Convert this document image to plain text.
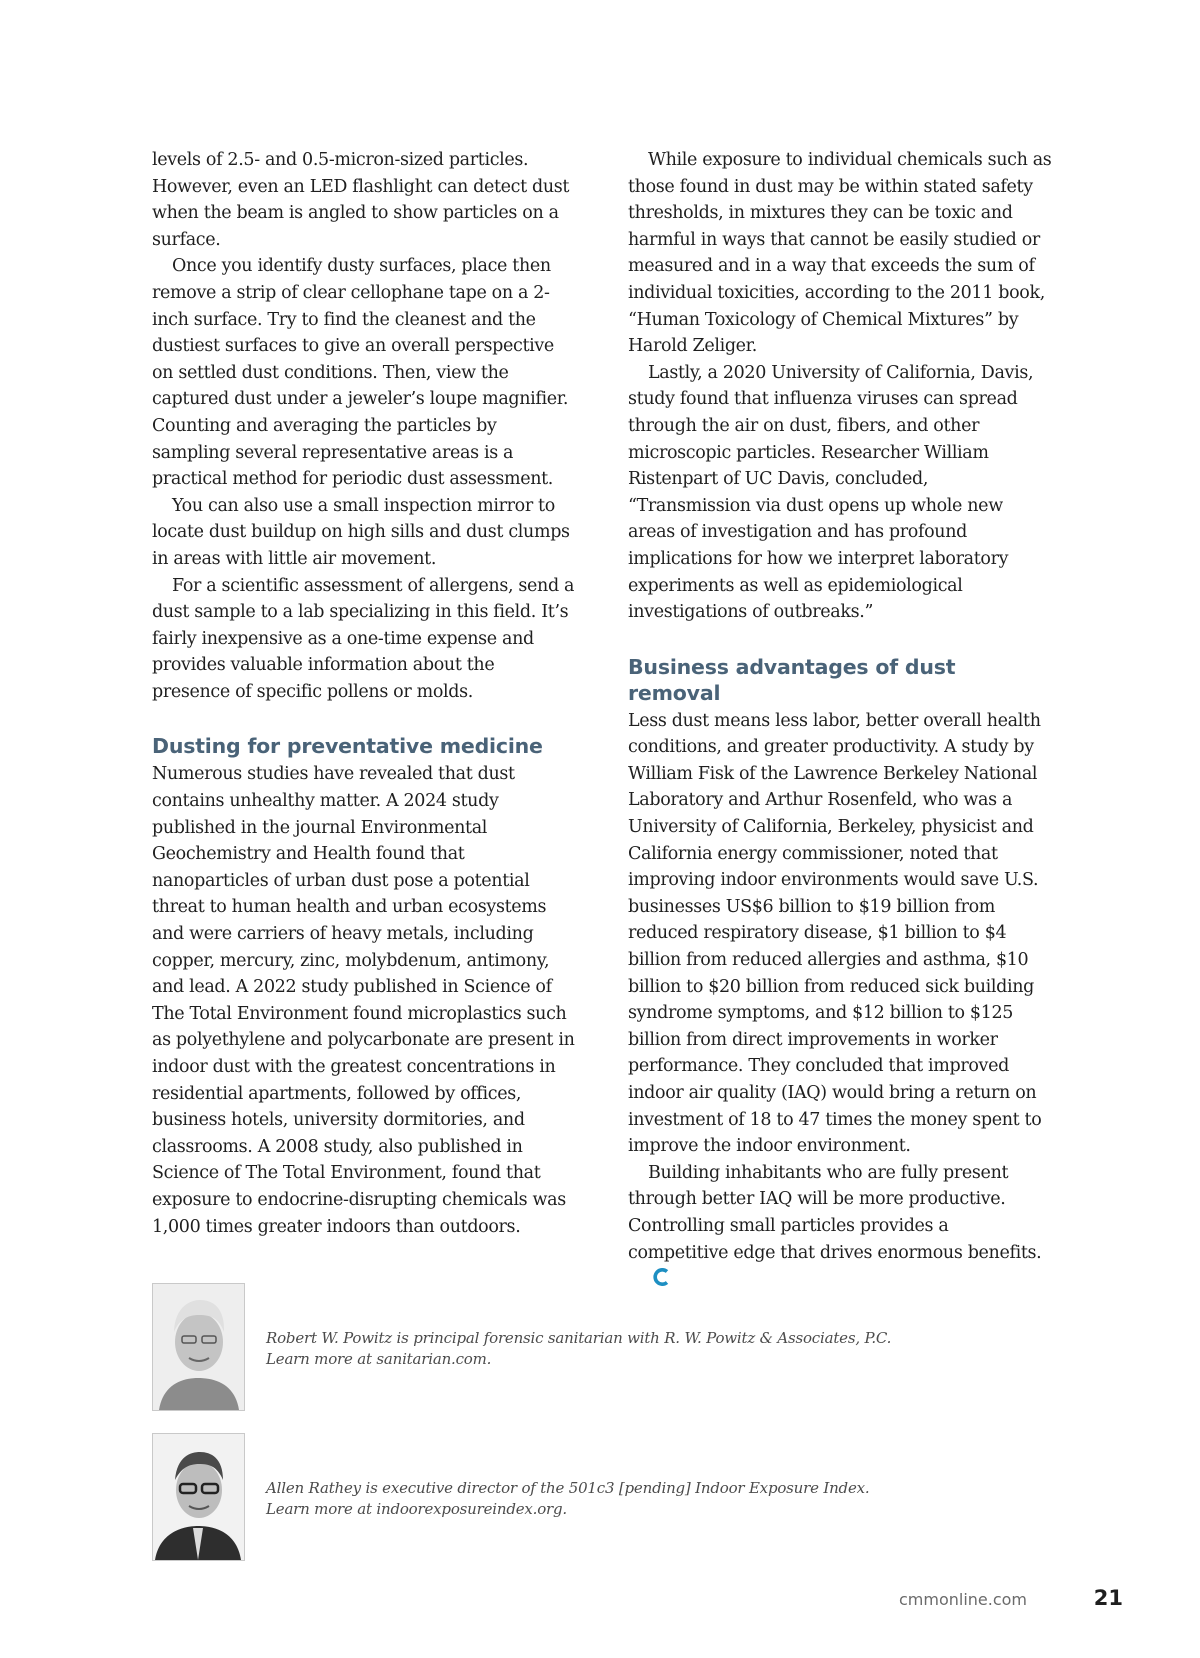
levels of 2.5- and 0.5-micron-sized particles. However, even an LED flashlight can detect dust when the beam is angled to show particles on a surface.

Once you identify dusty surfaces, place then remove a strip of clear cellophane tape on a 2-inch surface. Try to find the cleanest and the dustiest surfaces to give an overall perspective on settled dust conditions. Then, view the captured dust under a jeweler’s loupe magnifier. Counting and averaging the particles by sampling several representative areas is a practical method for periodic dust assessment.

You can also use a small inspection mirror to locate dust buildup on high sills and dust clumps in areas with little air movement.

For a scientific assessment of allergens, send a dust sample to a lab specializing in this field. It’s fairly inexpensive as a one-time expense and provides valuable information about the presence of specific pollens or molds.

Dusting for preventative medicine

Numerous studies have revealed that dust contains unhealthy matter. A 2024 study published in the journal Environmental Geochemistry and Health found that nanoparticles of urban dust pose a potential threat to human health and urban ecosystems and were carriers of heavy metals, including copper, mercury, zinc, molybdenum, antimony, and lead. A 2022 study published in Science of The Total Environment found microplastics such as polyethylene and polycarbonate are present in indoor dust with the greatest concentrations in residential apartments, followed by offices, business hotels, university dormitories, and classrooms. A 2008 study, also published in Science of The Total Environment, found that exposure to endocrine-disrupting chemicals was 1,000 times greater indoors than outdoors.

While exposure to individual chemicals such as those found in dust may be within stated safety thresholds, in mixtures they can be toxic and harmful in ways that cannot be easily studied or measured and in a way that exceeds the sum of individual toxicities, according to the 2011 book, “Human Toxicology of Chemical Mixtures” by Harold Zeliger.

Lastly, a 2020 University of California, Davis, study found that influenza viruses can spread through the air on dust, fibers, and other microscopic particles. Researcher William Ristenpart of UC Davis, concluded, “Transmission via dust opens up whole new areas of investigation and has profound implications for how we interpret laboratory experiments as well as epidemiological investigations of outbreaks.”

Business advantages of dust removal

Less dust means less labor, better overall health conditions, and greater productivity. A study by William Fisk of the Lawrence Berkeley National Laboratory and Arthur Rosenfeld, who was a University of California, Berkeley, physicist and California energy commissioner, noted that improving indoor environments would save U.S. businesses US$6 billion to $19 billion from reduced respiratory disease, $1 billion to $4 billion from reduced allergies and asthma, $10 billion to $20 billion from reduced sick building syndrome symptoms, and $12 billion to $125 billion from direct improvements in worker performance. They concluded that improved indoor air quality (IAQ) would bring a return on investment of 18 to 47 times the money spent to improve the indoor environment.

Building inhabitants who are fully present through better IAQ will be more productive. Controlling small particles provides a competitive edge that drives enormous benefits.

Robert W. Powitz is principal forensic sanitarian with R. W. Powitz & Associates, P.C.
Learn more at sanitarian.com.
Allen Rathey is executive director of the 501c3 [pending] Indoor Exposure Index.
Learn more at indoorexposureindex.org.
cmmonline.com	21
